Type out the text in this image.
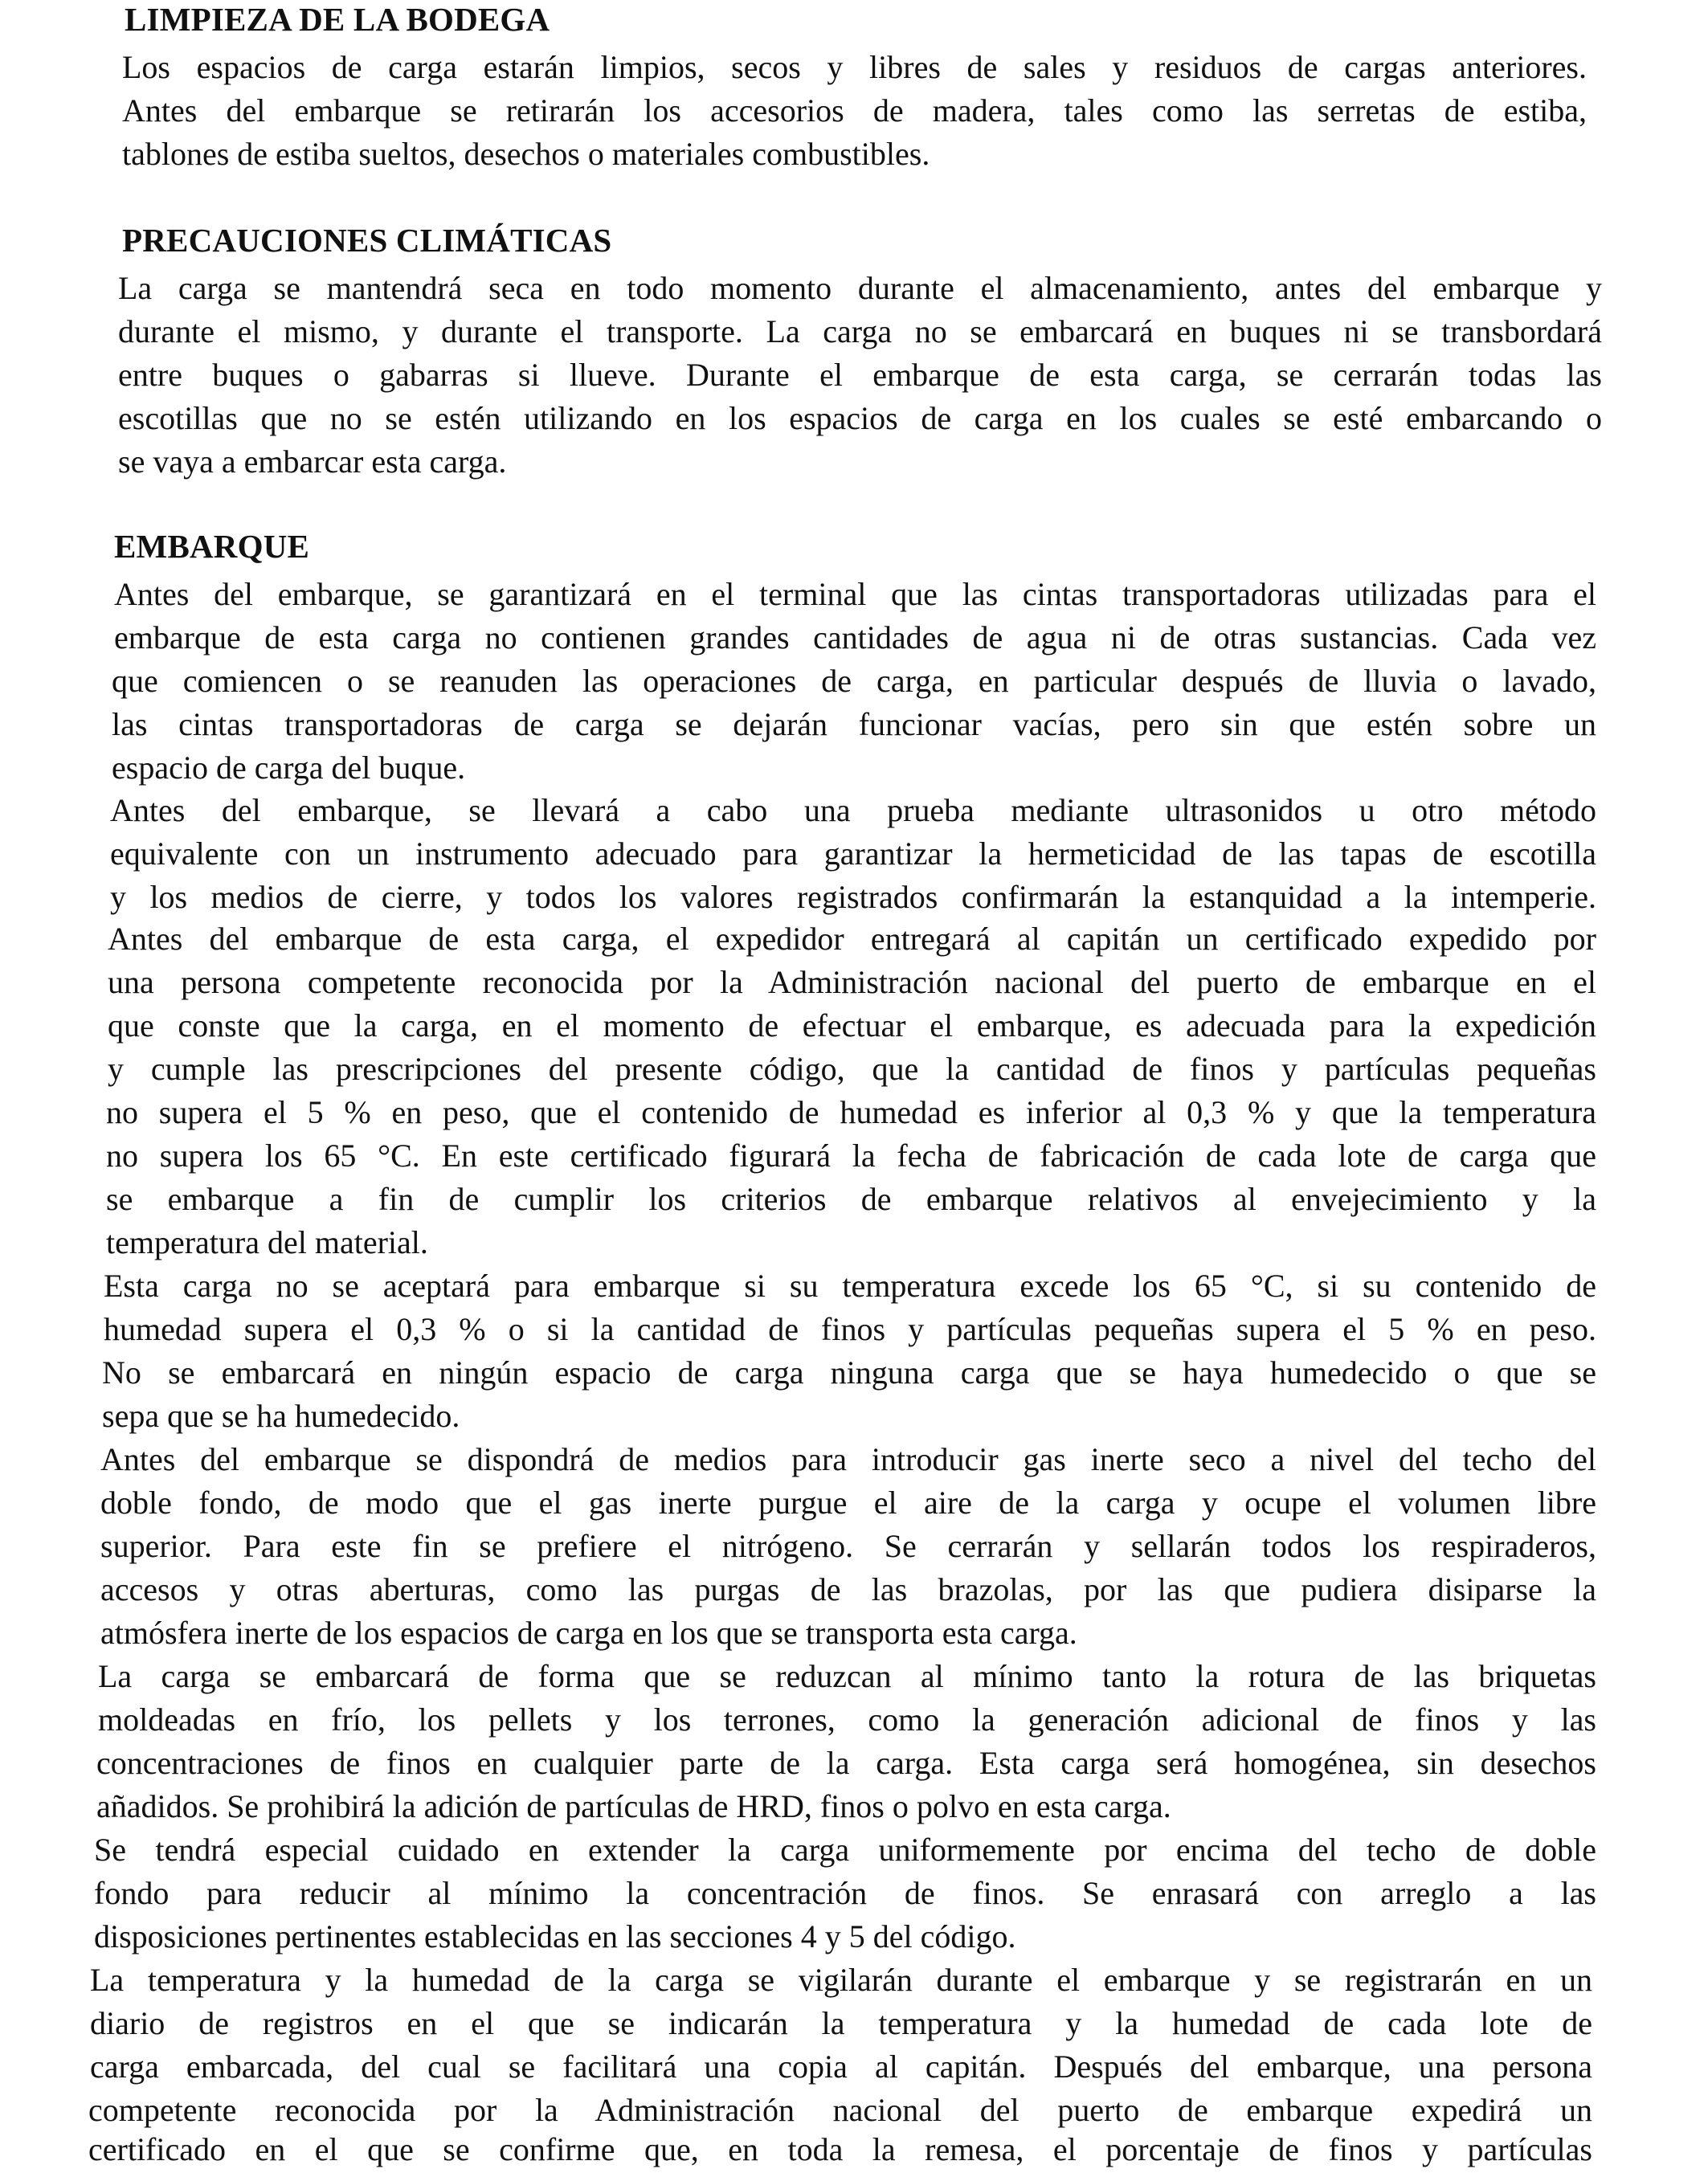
LIMPIEZA DE LA BODEGA
Los espacios de carga estarán limpios, secos y libres de sales y residuos de cargas anteriores.
Antes del embarque se retirarán los accesorios de madera, tales como las serretas de estiba,
tablones de estiba sueltos, desechos o materiales combustibles.
PRECAUCIONES CLIMÁTICAS
La carga se mantendrá seca en todo momento durante el almacenamiento, antes del embarque y
durante el mismo, y durante el transporte. La carga no se embarcará en buques ni se transbordará
entre buques o gabarras si llueve. Durante el embarque de esta carga, se cerrarán todas las
escotillas que no se estén utilizando en los espacios de carga en los cuales se esté embarcando o
se vaya a embarcar esta carga.
EMBARQUE
Antes del embarque, se garantizará en el terminal que las cintas transportadoras utilizadas para el
embarque de esta carga no contienen grandes cantidades de agua ni de otras sustancias. Cada vez
que comiencen o se reanuden las operaciones de carga, en particular después de lluvia o lavado,
las cintas transportadoras de carga se dejarán funcionar vacías, pero sin que estén sobre un
espacio de carga del buque.
Antes del embarque, se llevará a cabo una prueba mediante ultrasonidos u otro método
equivalente con un instrumento adecuado para garantizar la hermeticidad de las tapas de escotilla
y los medios de cierre, y todos los valores registrados confirmarán la estanquidad a la intemperie.
Antes del embarque de esta carga, el expedidor entregará al capitán un certificado expedido por
una persona competente reconocida por la Administración nacional del puerto de embarque en el
que conste que la carga, en el momento de efectuar el embarque, es adecuada para la expedición
y cumple las prescripciones del presente código, que la cantidad de finos y partículas pequeñas
no supera el 5 % en peso, que el contenido de humedad es inferior al 0,3 % y que la temperatura
no supera los 65 °C. En este certificado figurará la fecha de fabricación de cada lote de carga que
se embarque a fin de cumplir los criterios de embarque relativos al envejecimiento y la
temperatura del material.
Esta carga no se aceptará para embarque si su temperatura excede los 65 °C, si su contenido de
humedad supera el 0,3 % o si la cantidad de finos y partículas pequeñas supera el 5 % en peso.
No se embarcará en ningún espacio de carga ninguna carga que se haya humedecido o que se
sepa que se ha humedecido.
Antes del embarque se dispondrá de medios para introducir gas inerte seco a nivel del techo del
doble fondo, de modo que el gas inerte purgue el aire de la carga y ocupe el volumen libre
superior. Para este fin se prefiere el nitrógeno. Se cerrarán y sellarán todos los respiraderos,
accesos y otras aberturas, como las purgas de las brazolas, por las que pudiera disiparse la
atmósfera inerte de los espacios de carga en los que se transporta esta carga.
La carga se embarcará de forma que se reduzcan al mínimo tanto la rotura de las briquetas
moldeadas en frío, los pellets y los terrones, como la generación adicional de finos y las
concentraciones de finos en cualquier parte de la carga. Esta carga será homogénea, sin desechos
añadidos. Se prohibirá la adición de partículas de HRD, finos o polvo en esta carga.
Se tendrá especial cuidado en extender la carga uniformemente por encima del techo de doble
fondo para reducir al mínimo la concentración de finos. Se enrasará con arreglo a las
disposiciones pertinentes establecidas en las secciones 4 y 5 del código.
La temperatura y la humedad de la carga se vigilarán durante el embarque y se registrarán en un
diario de registros en el que se indicarán la temperatura y la humedad de cada lote de
carga embarcada, del cual se facilitará una copia al capitán. Después del embarque, una persona
competente reconocida por la Administración nacional del puerto de embarque expedirá un
certificado en el que se confirme que, en toda la remesa, el porcentaje de finos y partículas
